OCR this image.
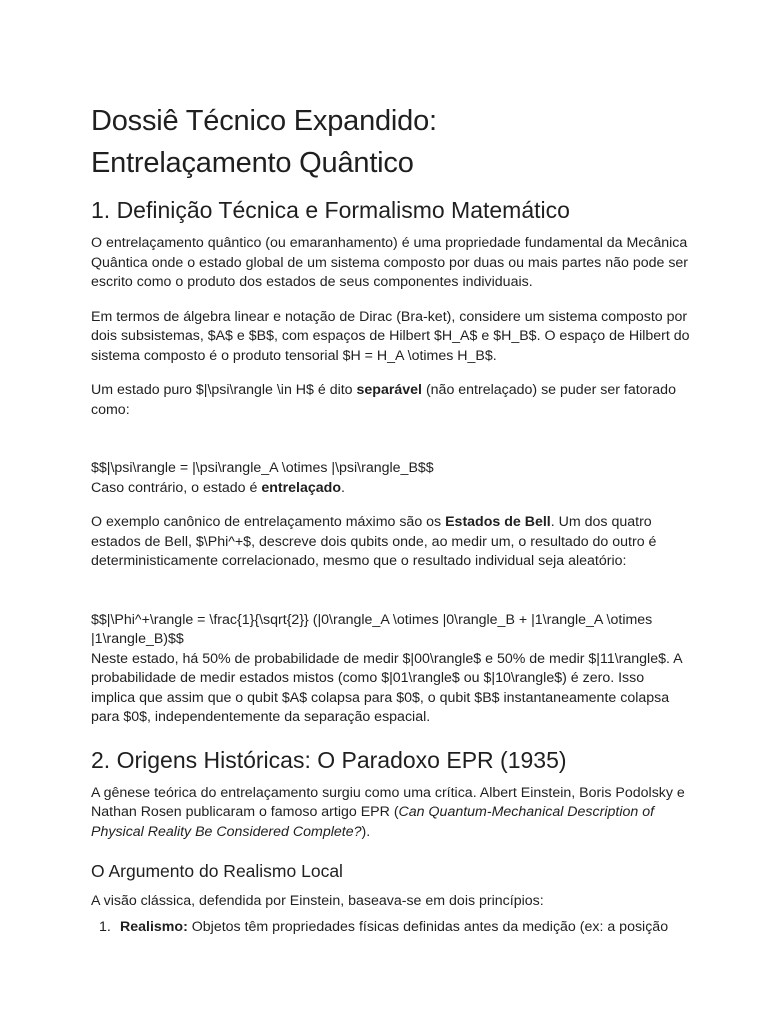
Dossiê Técnico Expandido:
Entrelaçamento Quântico
1. Definição Técnica e Formalismo Matemático

O entrelaçamento quântico (ou emaranhamento) é uma propriedade fundamental da Mecânica Quântica onde o estado global de um sistema composto por duas ou mais partes não pode ser escrito como o produto dos estados de seus componentes individuais.

Em termos de álgebra linear e notação de Dirac (Bra-ket), considere um sistema composto por dois subsistemas, $A$ e $B$, com espaços de Hilbert $H_A$ e $H_B$. O espaço de Hilbert do sistema composto é o produto tensorial $H = H_A \otimes H_B$.

Um estado puro $|\psi\rangle \in H$ é dito separável (não entrelaçado) se puder ser fatorado como:

$$|\psi\rangle = |\psi\rangle_A \otimes |\psi\rangle_B$$

Caso contrário, o estado é entrelaçado.

O exemplo canônico de entrelaçamento máximo são os Estados de Bell. Um dos quatro estados de Bell, $\Phi^+$, descreve dois qubits onde, ao medir um, o resultado do outro é deterministicamente correlacionado, mesmo que o resultado individual seja aleatório:

$$|\Phi^+\rangle = \frac{1}{\sqrt{2}} (|0\rangle_A \otimes |0\rangle_B + |1\rangle_A \otimes |1\rangle_B)$$

Neste estado, há 50% de probabilidade de medir $|00\rangle$ e 50% de medir $|11\rangle$. A probabilidade de medir estados mistos (como $|01\rangle$ ou $|10\rangle$) é zero. Isso implica que assim que o qubit $A$ colapsa para $0$, o qubit $B$ instantaneamente colapsa para $0$, independentemente da separação espacial.

2. Origens Históricas: O Paradoxo EPR (1935)

A gênese teórica do entrelaçamento surgiu como uma crítica. Albert Einstein, Boris Podolsky e Nathan Rosen publicaram o famoso artigo EPR (Can Quantum-Mechanical Description of Physical Reality Be Considered Complete?).

O Argumento do Realismo Local

A visão clássica, defendida por Einstein, baseava-se em dois princípios:

1. Realismo: Objetos têm propriedades físicas definidas antes da medição (ex: a posição
